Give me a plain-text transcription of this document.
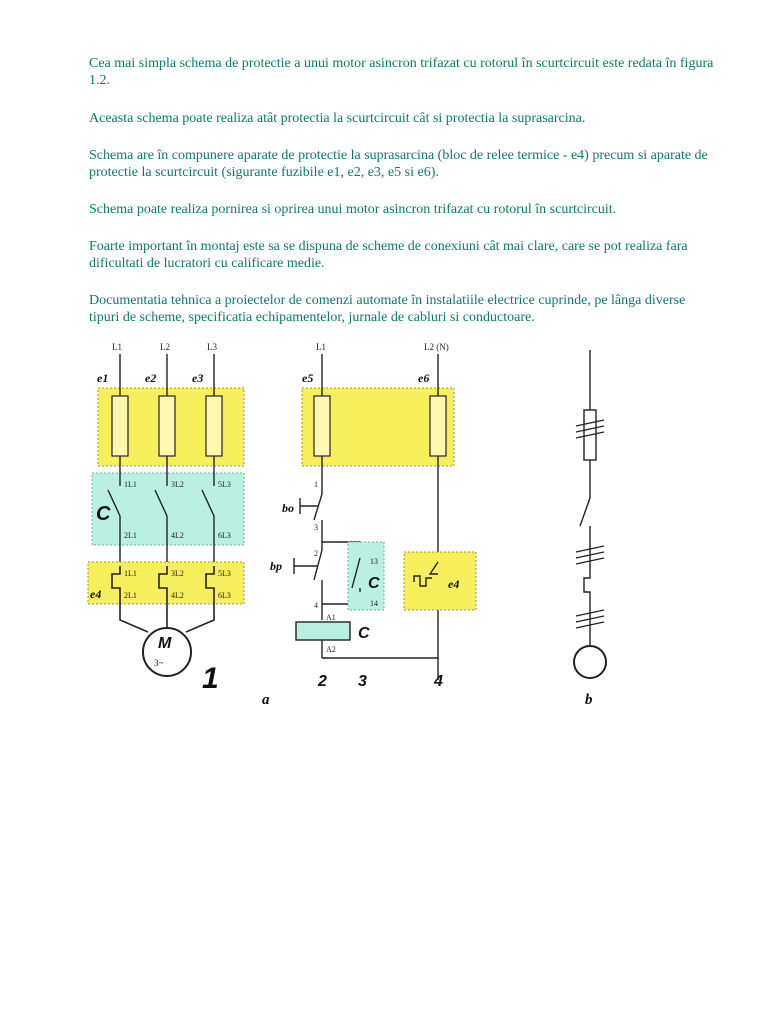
Cea mai simpla schema de protectie a unui motor asincron trifazat cu rotorul în scurtcircuit este redata în figura 1.2.

Aceasta schema poate realiza atât protectia la scurtcircuit cât si protectia la suprasarcina.

Schema are în compunere aparate de protectie la suprasarcina (bloc de relee termice - e4) precum si aparate de protectie la scurtcircuit (sigurante fuzibile e1, e2, e3, e5 si e6).

Schema poate realiza pornirea si oprirea unui motor asincron trifazat cu rotorul în scurtcircuit.

Foarte important în montaj este sa se dispuna de scheme de conexiuni cât mai clare, care se pot realiza fara dificultati de lucratori cu calificare medie.

Documentatia tehnica a proiectelor de comenzi automate în instalatiile electrice cuprinde, pe lânga diverse tipuri de scheme, specificatia echipamentelor, jurnale de cabluri si conductoare.

L1	L2	L3
e1	e2	e3
C
1L1	3L2	5L3
2L1	4L2	6L3
e4
1L1	3L2	5L3
2L1	4L2	6L3
M
3~ 1
L1	L2 (N)
e5	e6
bo
1
3
bp
2
4
C
13
14
C
A1
A2
e4
2 3	4
a	b
